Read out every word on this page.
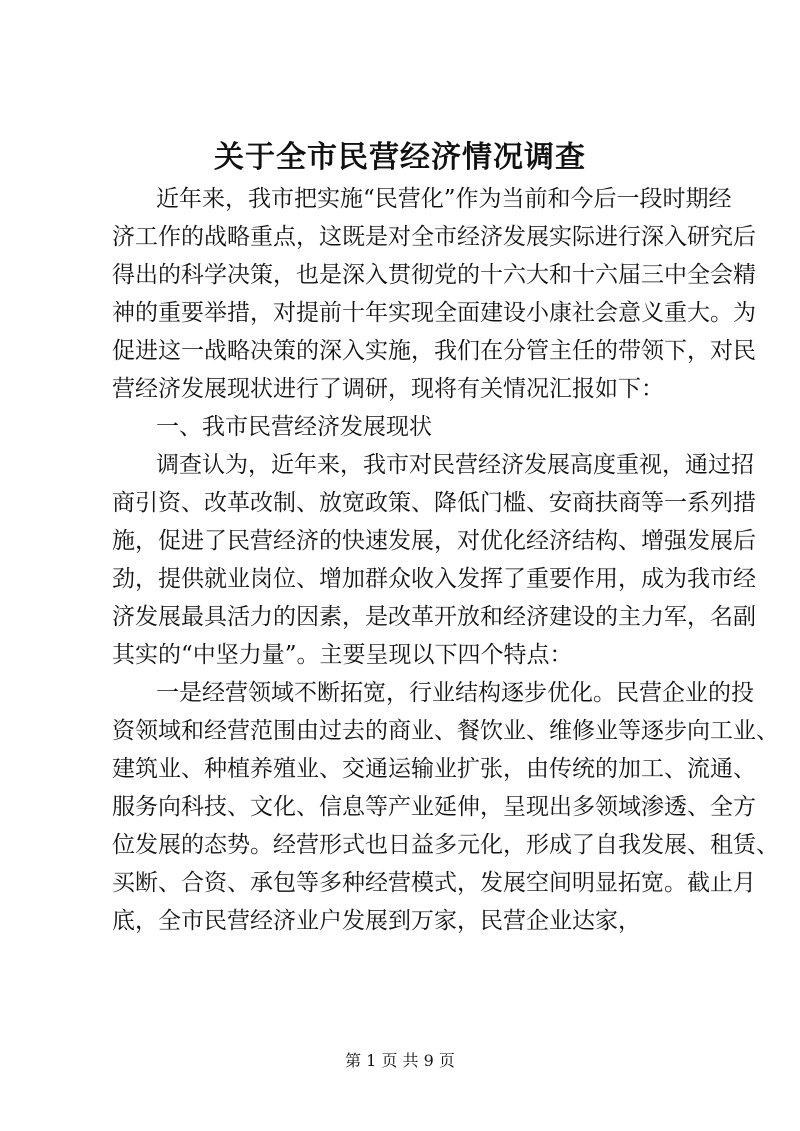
关于全市民营经济情况调查
近年来，我市把实施“民营化”作为当前和今后一段时期经
济工作的战略重点，这既是对全市经济发展实际进行深入研究后
得出的科学决策，也是深入贯彻党的十六大和十六届三中全会精
神的重要举措，对提前十年实现全面建设小康社会意义重大。为
促进这一战略决策的深入实施，我们在分管主任的带领下，对民
营经济发展现状进行了调研，现将有关情况汇报如下：
一、我市民营经济发展现状
调查认为，近年来，我市对民营经济发展高度重视，通过招
商引资、改革改制、放宽政策、降低门槛、安商扶商等一系列措
施，促进了民营经济的快速发展，对优化经济结构、增强发展后
劲，提供就业岗位、增加群众收入发挥了重要作用，成为我市经
济发展最具活力的因素，是改革开放和经济建设的主力军，名副
其实的“中坚力量”。主要呈现以下四个特点：
一是经营领域不断拓宽，行业结构逐步优化。民营企业的投
资领域和经营范围由过去的商业、餐饮业、维修业等逐步向工业、
建筑业、种植养殖业、交通运输业扩张，由传统的加工、流通、
服务向科技、文化、信息等产业延伸，呈现出多领域渗透、全方
位发展的态势。经营形式也日益多元化，形成了自我发展、租赁、
买断、合资、承包等多种经营模式，发展空间明显拓宽。截止月
底，全市民营经济业户发展到万家，民营企业达家，
第 1 页 共 9 页
